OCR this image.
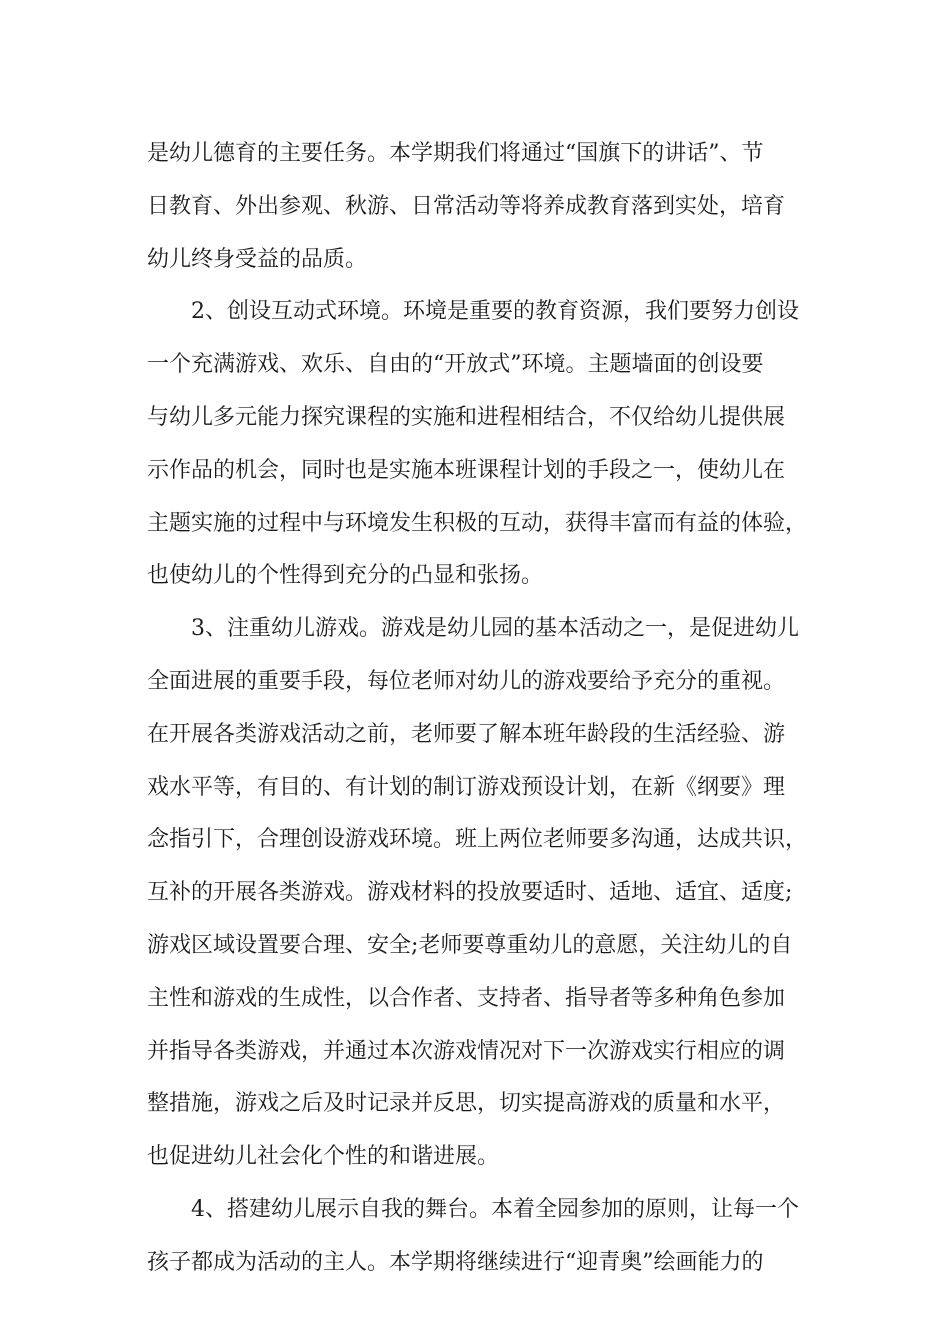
是幼儿德育的主要任务。本学期我们将通过“国旗下的讲话”、节
日教育、外出参观、秋游、日常活动等将养成教育落到实处，培育
幼儿终身受益的品质。
2、创设互动式环境。环境是重要的教育资源，我们要努力创设
一个充满游戏、欢乐、自由的“开放式”环境。主题墙面的创设要
与幼儿多元能力探究课程的实施和进程相结合，不仅给幼儿提供展
示作品的机会，同时也是实施本班课程计划的手段之一，使幼儿在
主题实施的过程中与环境发生积极的互动，获得丰富而有益的体验，
也使幼儿的个性得到充分的凸显和张扬。
3、注重幼儿游戏。游戏是幼儿园的基本活动之一，是促进幼儿
全面进展的重要手段，每位老师对幼儿的游戏要给予充分的重视。
在开展各类游戏活动之前，老师要了解本班年龄段的生活经验、游
戏水平等，有目的、有计划的制订游戏预设计划，在新《纲要》理
念指引下，合理创设游戏环境。班上两位老师要多沟通，达成共识，
互补的开展各类游戏。游戏材料的投放要适时、适地、适宜、适度;
游戏区域设置要合理、安全;老师要尊重幼儿的意愿，关注幼儿的自
主性和游戏的生成性，以合作者、支持者、指导者等多种角色参加
并指导各类游戏，并通过本次游戏情况对下一次游戏实行相应的调
整措施，游戏之后及时记录并反思，切实提高游戏的质量和水平，
也促进幼儿社会化个性的和谐进展。
4、搭建幼儿展示自我的舞台。本着全园参加的原则，让每一个
孩子都成为活动的主人。本学期将继续进行“迎青奥”绘画能力的
